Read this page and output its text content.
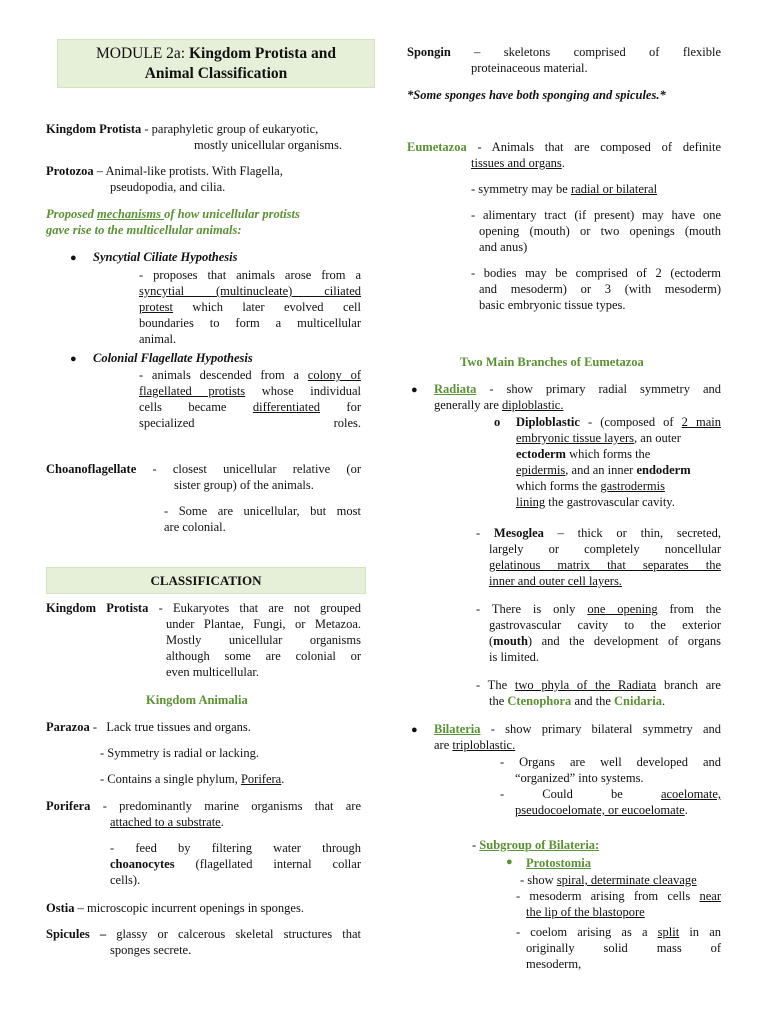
MODULE 2a: Kingdom Protista and
Animal Classification
Kingdom Protista - paraphyletic group of eukaryotic,
mostly unicellular organisms.
Protozoa – Animal-like protists. With Flagella,
pseudopodia, and cilia.
Proposed mechanisms of how unicellular protists
gave rise to the multicellular animals:
● Syncytial Ciliate Hypothesis
- proposes that animals arose from a
syncytial (multinucleate) ciliated
protest which later evolved cell
boundaries to form a multicellular
animal.
● Colonial Flagellate Hypothesis
- animals descended from a colony of
flagellated protists whose individual
cells became differentiated for
specialized roles.
Choanoflagellate - closest unicellular relative (or
sister group) of the animals.
- Some are unicellular, but most
are colonial.
CLASSIFICATION
Kingdom Protista - Eukaryotes that are not grouped
under Plantae, Fungi, or Metazoa.
Mostly unicellular organisms
although some are colonial or
even multicellular.
Kingdom Animalia
Parazoa -   Lack true tissues and organs.
- Symmetry is radial or lacking.
- Contains a single phylum, Porifera.
Porifera - predominantly marine organisms that are
attached to a substrate.
- feed by filtering water through
choanocytes (flagellated internal collar
cells).
Ostia – microscopic incurrent openings in sponges.
Spicules – glassy or calcerous skeletal structures that
sponges secrete.
Spongin – skeletons comprised of flexible
proteinaceous material.
*Some sponges have both sponging and spicules.*
Eumetazoa - Animals that are composed of definite
tissues and organs.
- symmetry may be radial or bilateral
- alimentary tract (if present) may have one
opening (mouth) or two openings (mouth
and anus)
- bodies may be comprised of 2 (ectoderm
and mesoderm) or 3 (with mesoderm)
basic embryonic tissue types.
Two Main Branches of Eumetazoa
● Radiata - show primary radial symmetry and
generally are diploblastic.
o Diploblastic - (composed of 2 main
embryonic tissue layers, an outer
ectoderm which forms the
epidermis, and an inner endoderm
which forms the gastrodermis
lining the gastrovascular cavity.
- Mesoglea – thick or thin, secreted,
largely or completely noncellular
gelatinous matrix that separates the
inner and outer cell layers.
- There is only one opening from the
gastrovascular cavity to the exterior
(mouth) and the development of organs
is limited.
- The two phyla of the Radiata branch are
the Ctenophora and the Cnidaria.
● Bilateria - show primary bilateral symmetry and
are triploblastic.
- Organs are well developed and
“organized” into systems.
- Could be acoelomate,
pseudocoelomate, or eucoelomate.
- Subgroup of Bilateria:
● Protostomia
- show spiral, determinate cleavage
- mesoderm arising from cells near
the lip of the blastopore
- coelom arising as a split in an
originally solid mass of
mesoderm,
